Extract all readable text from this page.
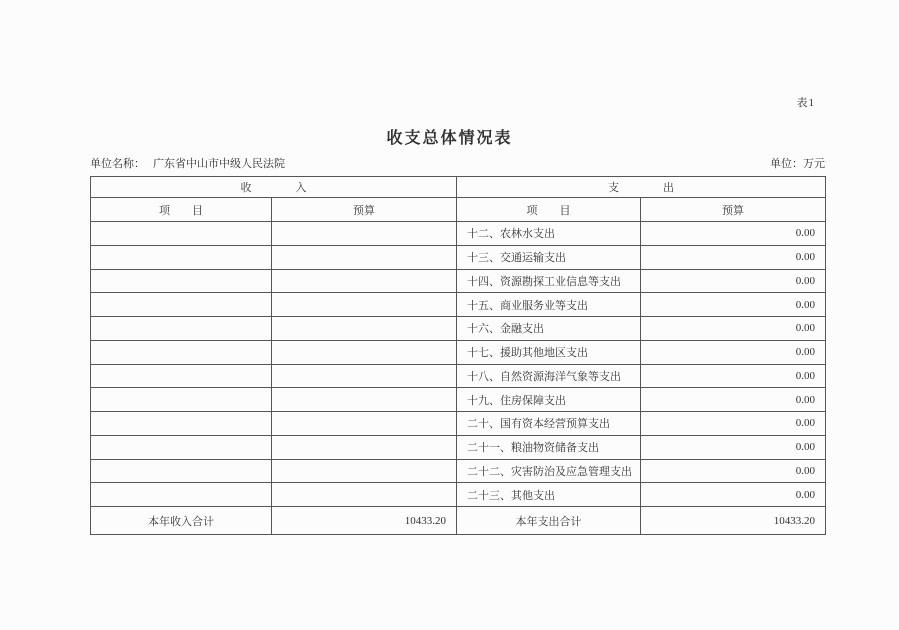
表1
收支总体情况表
单位名称： 广东省中山市中级人民法院	单位：万元
收　　　　入		支　　　　出	
项　　目	预算	项　　目	预算
		十二、农林水支出	0.00
		十三、交通运输支出	0.00
		十四、资源勘探工业信息等支出	0.00
		十五、商业服务业等支出	0.00
		十六、金融支出	0.00
		十七、援助其他地区支出	0.00
		十八、自然资源海洋气象等支出	0.00
		十九、住房保障支出	0.00
		二十、国有资本经营预算支出	0.00
		二十一、粮油物资储备支出	0.00
		二十二、灾害防治及应急管理支出	0.00
		二十三、其他支出	0.00
本年收入合计	10433.20	本年支出合计	10433.20
